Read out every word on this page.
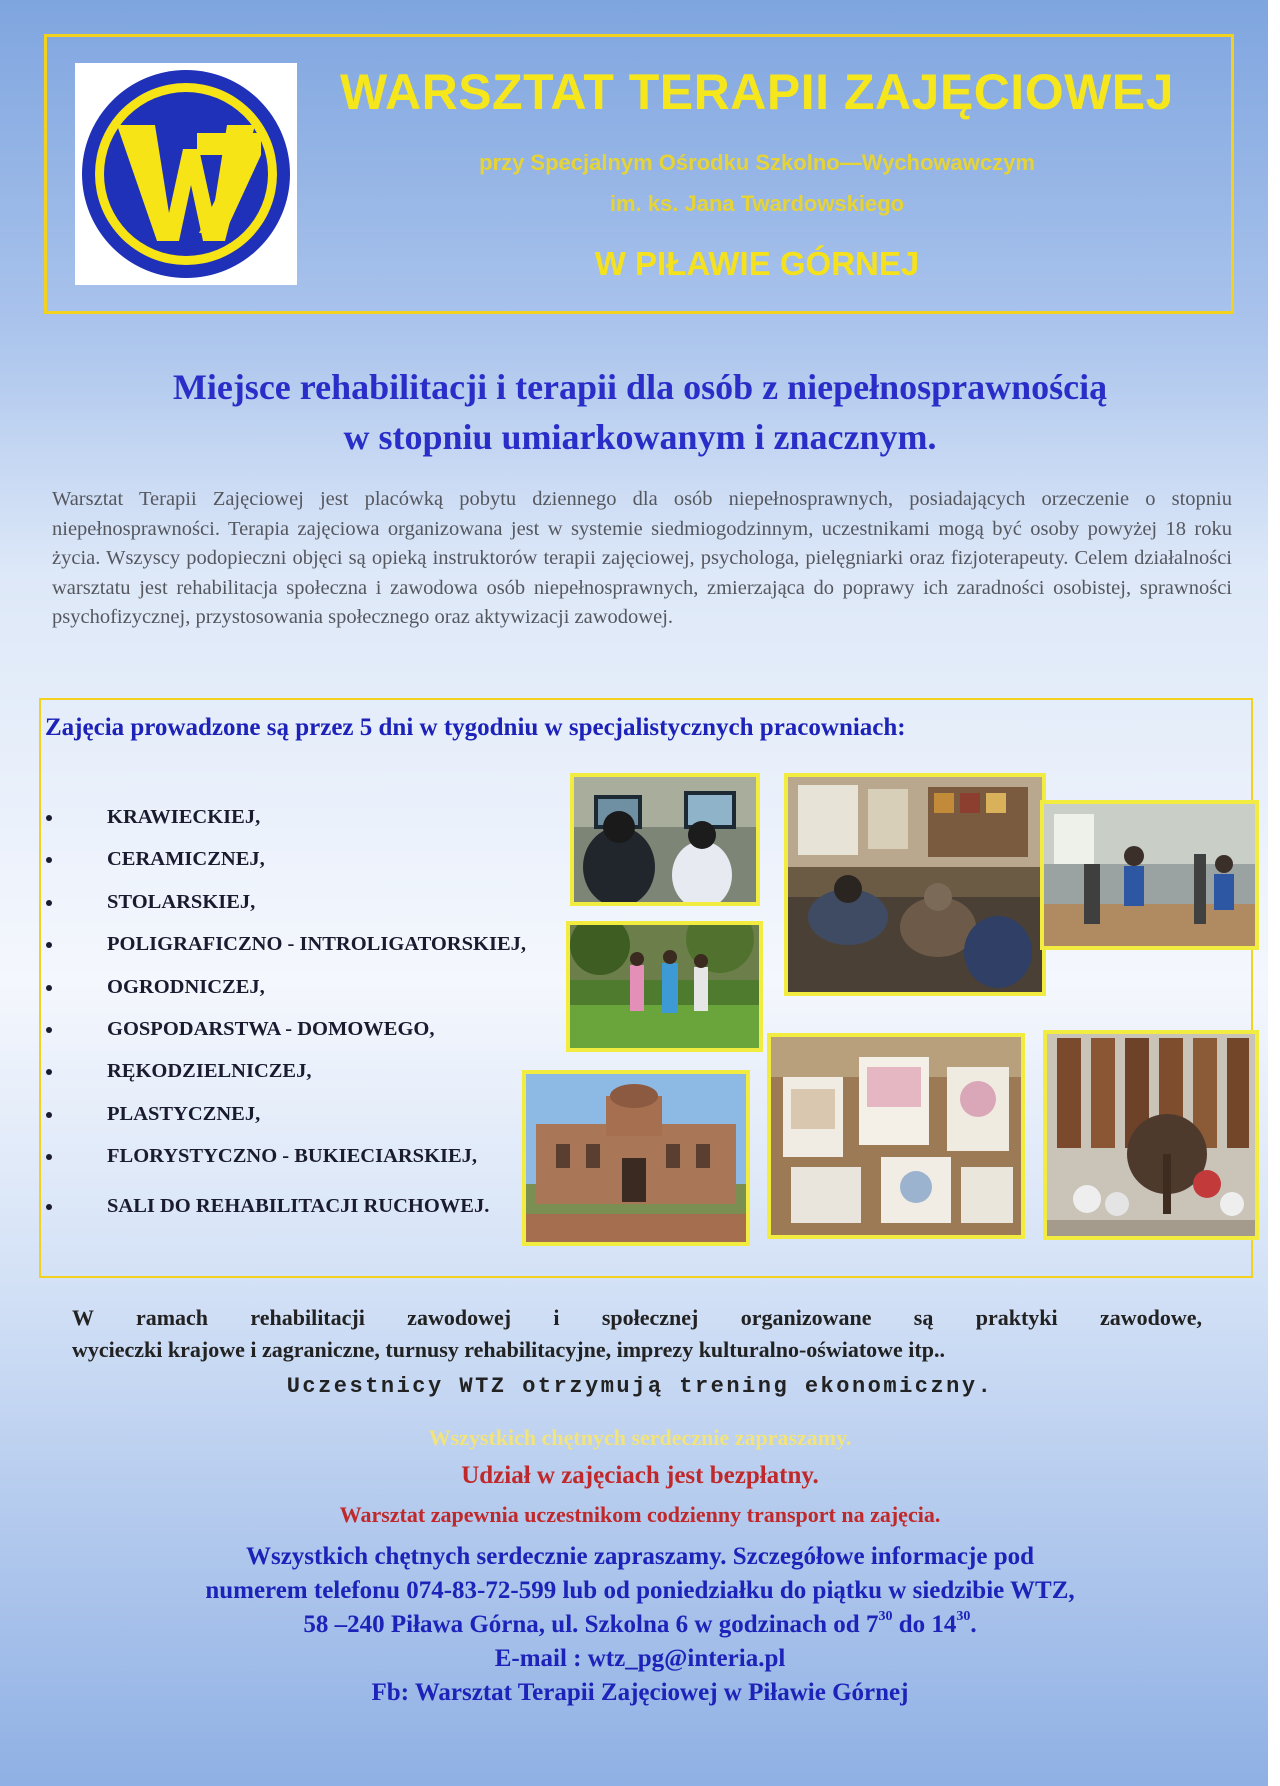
WARSZTAT TERAPII ZAJĘCIOWEJ
przy Specjalnym Ośrodku Szkolno—Wychowawczym
im. ks. Jana Twardowskiego
W PIŁAWIE GÓRNEJ
Miejsce rehabilitacji i terapii dla osób z niepełnosprawnością
w stopniu umiarkowanym i znacznym.
Warsztat Terapii Zajęciowej jest placówką pobytu dziennego dla osób niepełnosprawnych, posiadających orzeczenie o stopniu niepełnosprawności. Terapia zajęciowa organizowana jest w systemie siedmiogodzinnym, uczestnikami mogą być osoby powyżej 18 roku życia. Wszyscy podopieczni objęci są opieką instruktorów terapii zajęciowej, psychologa, pielęgniarki oraz fizjoterapeuty. Celem działalności warsztatu jest rehabilitacja społeczna i zawodowa osób niepełnosprawnych, zmierzająca do poprawy ich zaradności osobistej, sprawności psychofizycznej, przystosowania społecznego oraz aktywizacji zawodowej.
Zajęcia prowadzone są przez 5 dni w tygodniu w specjalistycznych pracowniach:
KRAWIECKIEJ,
CERAMICZNEJ,
STOLARSKIEJ,
POLIGRAFICZNO - INTROLIGATORSKIEJ,
OGRODNICZEJ,
GOSPODARSTWA - DOMOWEGO,
RĘKODZIELNICZEJ,
PLASTYCZNEJ,
FLORYSTYCZNO - BUKIECIARSKIEJ,
SALI DO REHABILITACJI RUCHOWEJ.
W ramach rehabilitacji zawodowej i społecznej organizowane są praktyki zawodowe,
wycieczki krajowe i zagraniczne, turnusy rehabilitacyjne, imprezy kulturalno-oświatowe itp..
Uczestnicy WTZ otrzymują trening ekonomiczny.
Wszystkich chętnych serdecznie zapraszamy.
Udział w zajęciach jest bezpłatny.
Warsztat zapewnia uczestnikom codzienny transport na zajęcia.
Wszystkich chętnych serdecznie zapraszamy. Szczegółowe informacje pod
numerem telefonu 074-83-72-599 lub od poniedziałku do piątku w siedzibie WTZ,
58 –240 Piława Górna, ul. Szkolna 6 w godzinach od $7^{30}$ do $14^{30}$.
E-mail : wtz_pg@interia.pl
Fb: Warsztat Terapii Zajęciowej w Piławie Górnej
